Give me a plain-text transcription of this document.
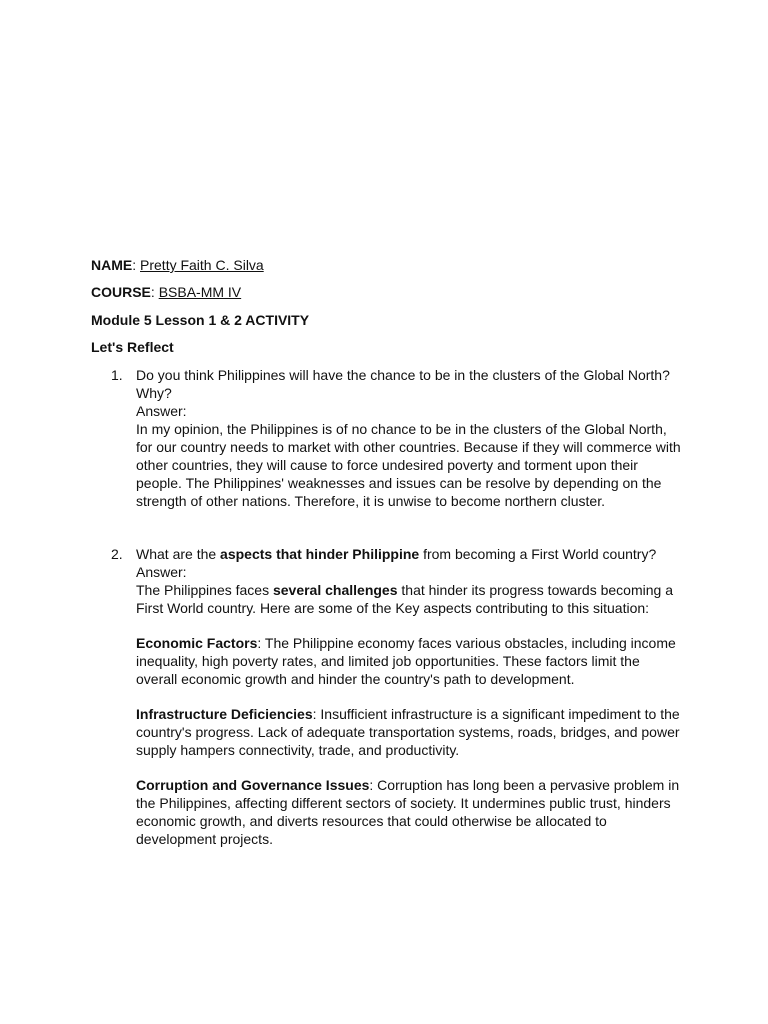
NAME: Pretty Faith C. Silva
COURSE: BSBA-MM IV
Module 5 Lesson 1 & 2 ACTIVITY
Let's Reflect
1. Do you think Philippines will have the chance to be in the clusters of the Global North? Why?
Answer:
In my opinion, the Philippines is of no chance to be in the clusters of the Global North, for our country needs to market with other countries. Because if they will commerce with other countries, they will cause to force undesired poverty and torment upon their people. The Philippines' weaknesses and issues can be resolve by depending on the strength of other nations. Therefore, it is unwise to become northern cluster.
2. What are the aspects that hinder Philippine from becoming a First World country?
Answer:
The Philippines faces several challenges that hinder its progress towards becoming a First World country. Here are some of the Key aspects contributing to this situation:
Economic Factors: The Philippine economy faces various obstacles, including income inequality, high poverty rates, and limited job opportunities. These factors limit the overall economic growth and hinder the country's path to development.
Infrastructure Deficiencies: Insufficient infrastructure is a significant impediment to the country's progress. Lack of adequate transportation systems, roads, bridges, and power supply hampers connectivity, trade, and productivity.
Corruption and Governance Issues: Corruption has long been a pervasive problem in the Philippines, affecting different sectors of society. It undermines public trust, hinders economic growth, and diverts resources that could otherwise be allocated to development projects.
